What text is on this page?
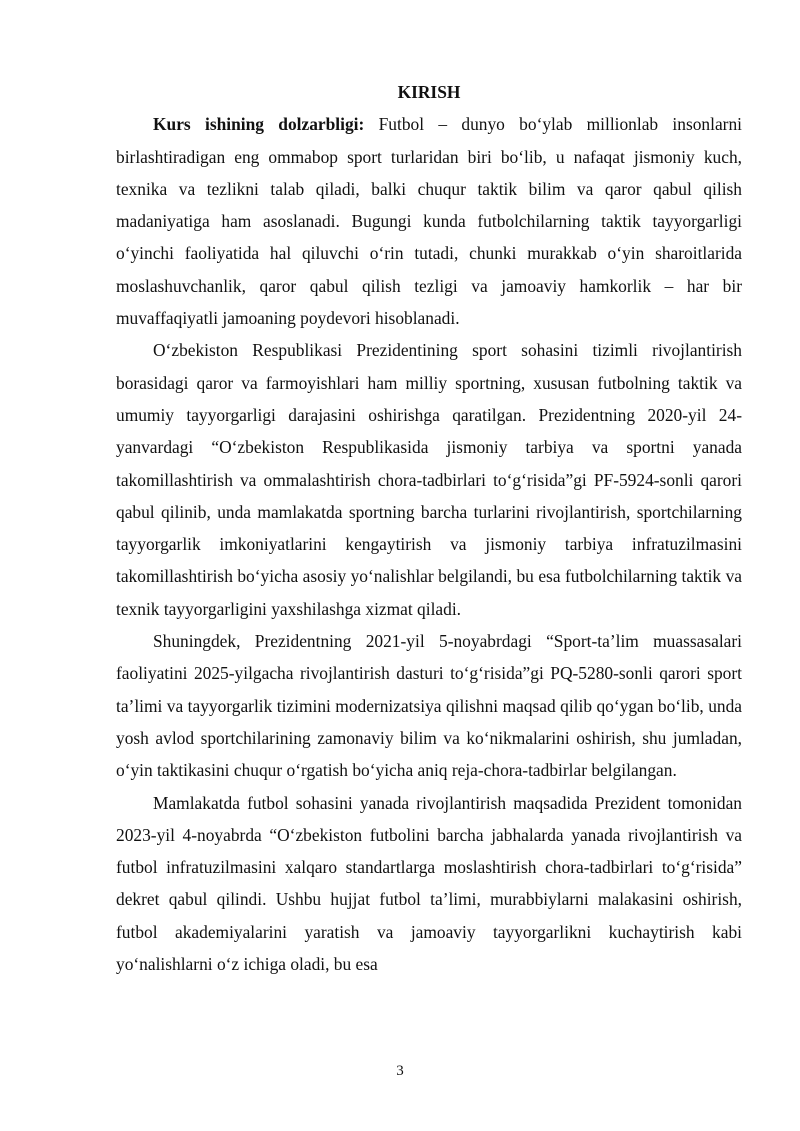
KIRISH

Kurs ishining dolzarbligi: Futbol – dunyo bo‘ylab millionlab insonlarni birlashtiradigan eng ommabop sport turlaridan biri bo‘lib, u nafaqat jismoniy kuch, texnika va tezlikni talab qiladi, balki chuqur taktik bilim va qaror qabul qilish madaniyatiga ham asoslanadi. Bugungi kunda futbolchilarning taktik tayyorgarligi o‘yinchi faoliyatida hal qiluvchi o‘rin tutadi, chunki murakkab o‘yin sharoitlarida moslashuvchanlik, qaror qabul qilish tezligi va jamoaviy hamkorlik – har bir muvaffaqiyatli jamoaning poydevori hisoblanadi.

O‘zbekiston Respublikasi Prezidentining sport sohasini tizimli rivojlantirish borasidagi qaror va farmoyishlari ham milliy sportning, xususan futbolning taktik va umumiy tayyorgarligi darajasini oshirishga qaratilgan. Prezidentning 2020-yil 24-yanvardagi “O‘zbekiston Respublikasida jismoniy tarbiya va sportni yanada takomillashtirish va ommalashtirish chora-tadbirlari to‘g‘risida”gi PF-5924-sonli qarori qabul qilinib, unda mamlakatda sportning barcha turlarini rivojlantirish, sportchilarning tayyorgarlik imkoniyatlarini kengaytirish va jismoniy tarbiya infratuzilmasini takomillashtirish bo‘yicha asosiy yo‘nalishlar belgilandi, bu esa futbolchilarning taktik va texnik tayyorgarligini yaxshilashga xizmat qiladi.

Shuningdek, Prezidentning 2021-yil 5-noyabrdagi “Sport-ta’lim muassasalari faoliyatini 2025-yilgacha rivojlantirish dasturi to‘g‘risida”gi PQ-5280-sonli qarori sport ta’limi va tayyorgarlik tizimini modernizatsiya qilishni maqsad qilib qo‘ygan bo‘lib, unda yosh avlod sportchilarining zamonaviy bilim va ko‘nikmalarini oshirish, shu jumladan, o‘yin taktikasini chuqur o‘rgatish bo‘yicha aniq reja-chora-tadbirlar belgilangan.

Mamlakatda futbol sohasini yanada rivojlantirish maqsadida Prezident tomonidan 2023-yil 4-noyabrda “O‘zbekiston futbolini barcha jabhalarda yanada rivojlantirish va futbol infratuzilmasini xalqaro standartlarga moslashtirish chora-tadbirlari to‘g‘risida” dekret qabul qilindi. Ushbu hujjat futbol ta’limi, murabbiylarni malakasini oshirish, futbol akademiyalarini yaratish va jamoaviy tayyorgarlikni kuchaytirish kabi yo‘nalishlarni o‘z ichiga oladi, bu esa

3
